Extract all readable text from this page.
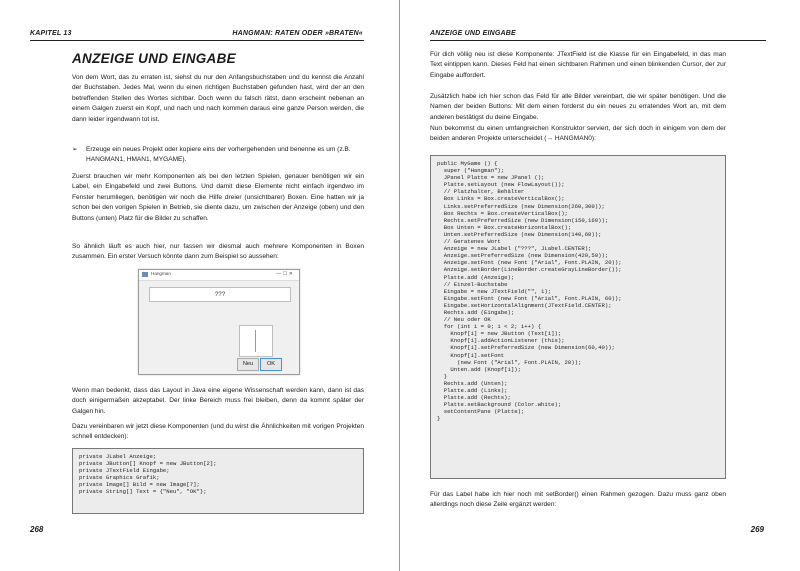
KAPITEL 13	HANGMAN: RATEN ODER »BRATEN«
ANZEIGE UND EINGABE

Von dem Wort, das zu erraten ist, siehst du nur den Anfangsbuchstaben und du kennst die Anzahl der Buchstaben. Jedes Mal, wenn du einen richtigen Buchstaben gefunden hast, wird der an den betreffenden Stellen des Wortes sichtbar. Doch wenn du falsch rätst, dann erscheint nebenan an einem Galgen zuerst ein Kopf, und nach und nach kommen daraus eine ganze Person werden, die dann leider irgendwann tot ist.

➢	Erzeuge ein neues Projekt oder kopiere eins der vorhergehenden und benenne es um (z.B. HANGMAN1, HMAN1, MYGAME).

Zuerst brauchen wir mehr Komponenten als bei den letzten Spielen, genauer benötigen wir ein Label, ein Eingabefeld und zwei Buttons. Und damit diese Elemente nicht einfach irgendwo im Fenster herumliegen, benötigen wir noch die Hilfe dreier (unsichtbarer) Boxen. Eine hatten wir ja schon bei den vorigen Spielen in Betrieb, sie diente dazu, um zwischen der Anzeige (oben) und den Buttons (unten) Platz für die Bilder zu schaffen.

So ähnlich läuft es auch hier, nur fassen wir diesmal auch mehrere Komponenten in Boxen zusammen. Ein erster Versuch könnte dann zum Beispiel so aussehen:

Hangman	— ☐ ✕
???
Neu	OK

Wenn man bedenkt, dass das Layout in Java eine eigene Wissenschaft werden kann, dann ist das doch einigermaßen akzeptabel. Der linke Bereich muss frei bleiben, denn da kommt später der Galgen hin.

Dazu vereinbaren wir jetzt diese Komponenten (und du wirst die Ähnlichkeiten mit vorigen Projekten schnell entdecken):

private JLabel Anzeige;
private JButton[] Knopf = new JButton[2];
private JTextField Eingabe;
private Graphics Grafik;
private Image[] Bild = new Image[7];
private String[] Text = {"Neu", "OK"};
268
ANZEIGE UND EINGABE

Für dich völlig neu ist diese Komponente: JTextField ist die Klasse für ein Eingabefeld, in das man Text eintippen kann. Dieses Feld hat einen sichtbaren Rahmen und einen blinkenden Cursor, der zur Eingabe auffordert.

Zusätzlich habe ich hier schon das Feld für alle Bilder vereinbart, die wir später benötigen. Und die Namen der beiden Buttons: Mit dem einen forderst du ein neues zu erratendes Wort an, mit dem anderen bestätigst du deine Eingabe.

Nun bekommst du einen umfangreichen Konstruktor serviert, der sich doch in einigem von dem der beiden anderen Projekte unterscheidet (→ HANGMAN0):

public MyGame () {
super ("Hangman");
JPanel Platte = new JPanel ();
Platte.setLayout (new FlowLayout());
// Platzhalter, Behälter
Box Links = Box.createVerticalBox();
Links.setPreferredSize (new Dimension(260,300));
Box Rechts = Box.createVerticalBox();
Rechts.setPreferredSize (new Dimension(150,160));
Box Unten = Box.createHorizontalBox();
Unten.setPreferredSize (new Dimension(140,60));
// Geratenes Wort
Anzeige = new JLabel ("???", JLabel.CENTER);
Anzeige.setPreferredSize (new Dimension(420,50));
Anzeige.setFont (new Font ("Arial", Font.PLAIN, 20));
Anzeige.setBorder(LineBorder.createGrayLineBorder());
Platte.add (Anzeige);
// Einzel-Buchstabe
Eingabe = new JTextField("", 1);
Eingabe.setFont (new Font ("Arial", Font.PLAIN, 60));
Eingabe.setHorizontalAlignment(JTextField.CENTER);
Rechts.add (Eingabe);
// Neu oder OK
for (int i = 0; i < 2; i++) {
Knopf[i] = new JButton (Text[i]);
Knopf[i].addActionListener (this);
Knopf[i].setPreferredSize (new Dimension(60,40));
Knopf[i].setFont
(new Font ("Arial", Font.PLAIN, 20));
Unten.add (Knopf[i]);
}
Rechts.add (Unten);
Platte.add (Links);
Platte.add (Rechts);
Platte.setBackground (Color.white);
setContentPane (Platte);
}

Für das Label habe ich hier noch mit setBorder() einen Rahmen gezogen. Dazu muss ganz oben allerdings noch diese Zeile ergänzt werden:

269
